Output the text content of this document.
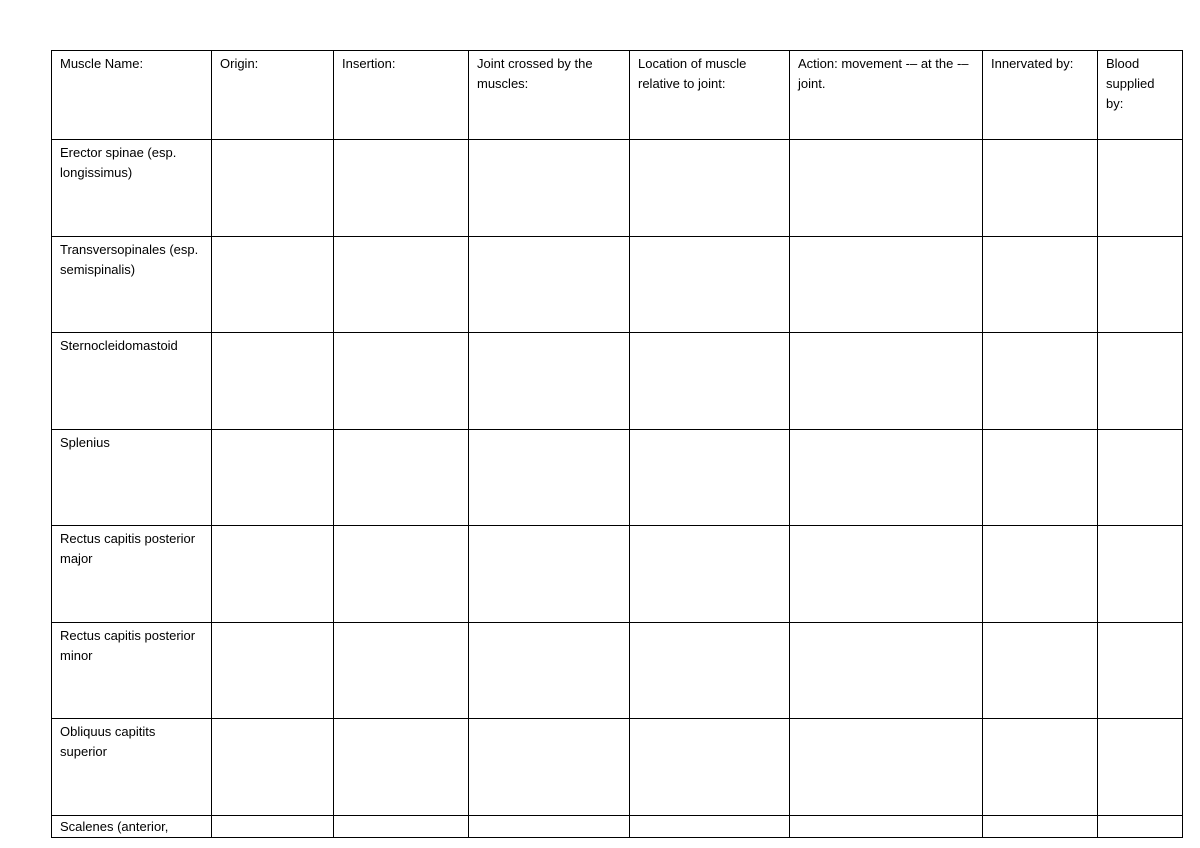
Muscle Name:	Origin:	Insertion:	Joint crossed by the muscles:	Location of muscle relative to joint:	Action: movement -– at the -– joint.	Innervated by:	Blood supplied by:
Erector spinae (esp. longissimus)							
Transversopinales (esp. semispinalis)							
Sternocleidomastoid							
Splenius							
Rectus capitis posterior major							
Rectus capitis posterior minor							
Obliquus capitits superior							
Scalenes (anterior,							
